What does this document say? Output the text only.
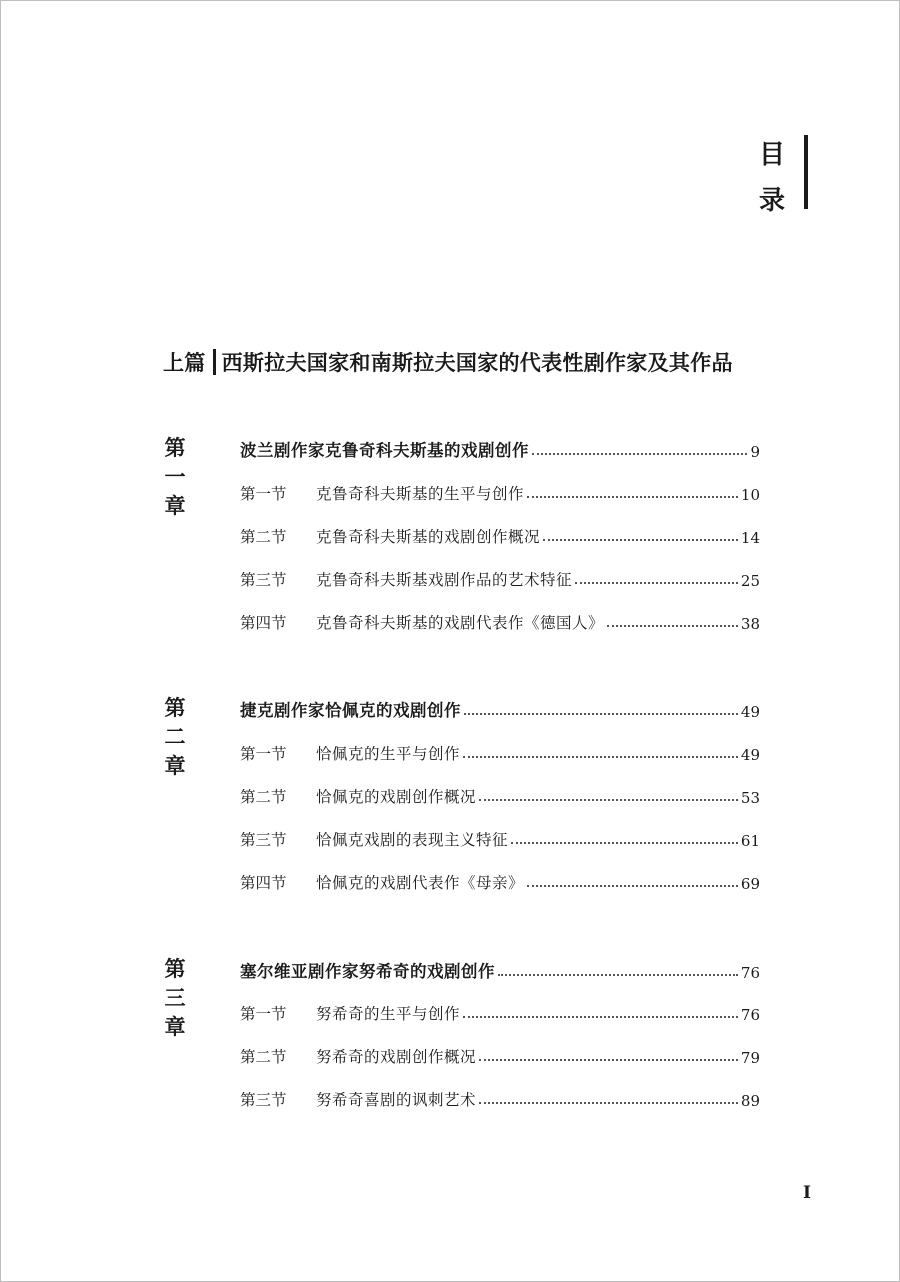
目
录
上篇 西斯拉夫国家和南斯拉夫国家的代表性剧作家及其作品
第
一
章
波兰剧作家克鲁奇科夫斯基的戏剧创作	9
第一节	克鲁奇科夫斯基的生平与创作	10
第二节	克鲁奇科夫斯基的戏剧创作概况	14
第三节	克鲁奇科夫斯基戏剧作品的艺术特征	25
第四节	克鲁奇科夫斯基的戏剧代表作《德国人》	38
第
二
章
捷克剧作家恰佩克的戏剧创作	49
第一节	恰佩克的生平与创作	49
第二节	恰佩克的戏剧创作概况	53
第三节	恰佩克戏剧的表现主义特征	61
第四节	恰佩克的戏剧代表作《母亲》	69
第
三
章
塞尔维亚剧作家努希奇的戏剧创作	76
第一节	努希奇的生平与创作	76
第二节	努希奇的戏剧创作概况	79
第三节	努希奇喜剧的讽刺艺术	89
I
